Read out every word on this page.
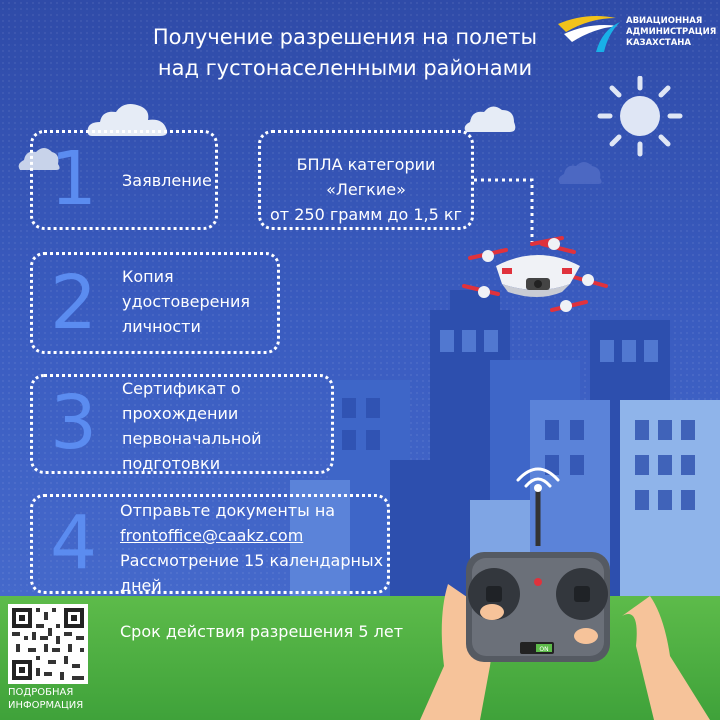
Получение разрешения на полеты
над густонаселенными районами
АВИАЦИОННАЯ
АДМИНИСТРАЦИЯ
КАЗАХСТАНА
1 Заявление
БПЛА категории «Легкие»
от 250 грамм до 1,5 кг
2 Копия
удостоверения
личности
3 Сертификат о
прохождении
первоначальной
подготовки
4 Отправьте документы на
frontoffice@caakz.com
Рассмотрение 15 календарных
дней
ПОДРОБНАЯ
ИНФОРМАЦИЯ
Срок действия разрешения 5 лет
ON
